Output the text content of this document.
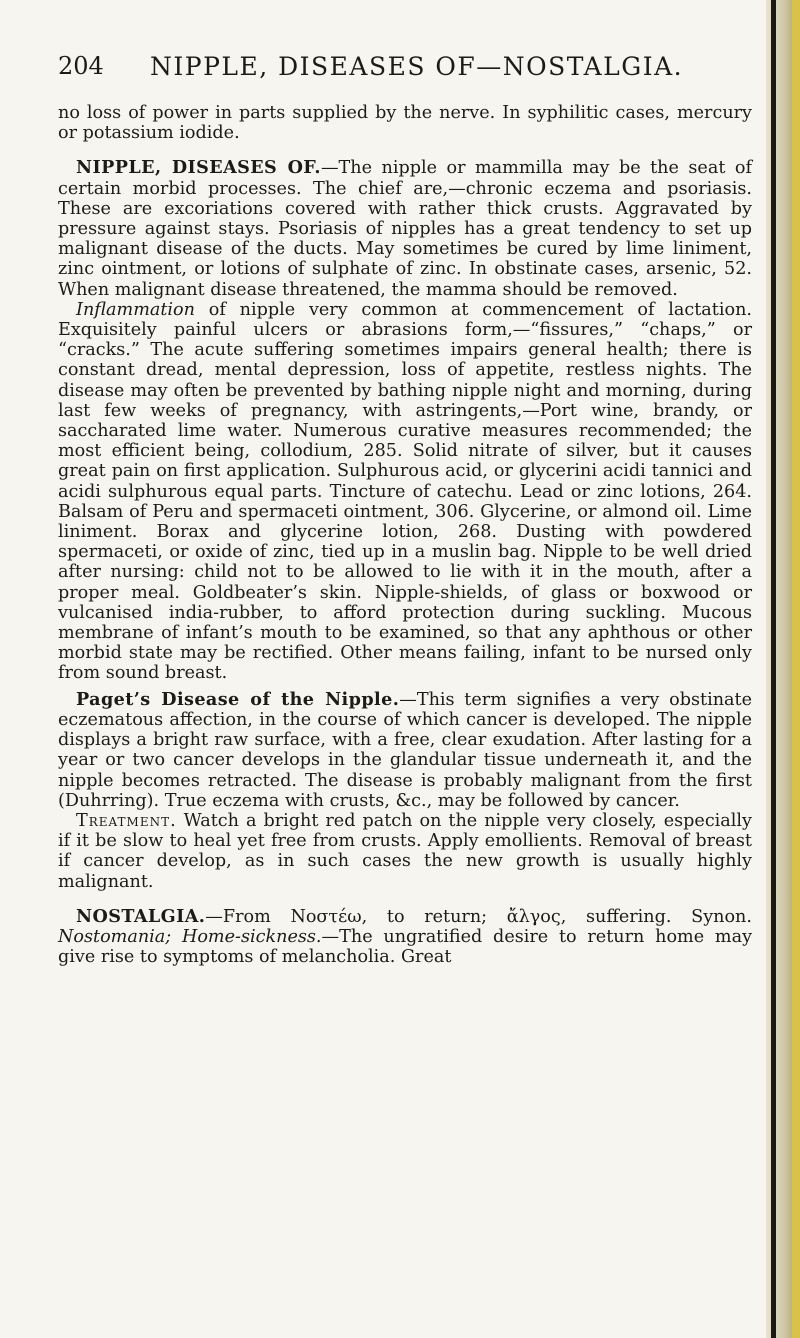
204 NIPPLE, DISEASES OF—NOSTALGIA.

no loss of power in parts supplied by the nerve. In syphilitic cases, mercury or potassium iodide.

NIPPLE, DISEASES OF.—The nipple or mammilla may be the seat of certain morbid processes. The chief are,—chronic eczema and psoriasis. These are excoriations covered with rather thick crusts. Aggravated by pressure against stays. Psoriasis of nipples has a great tendency to set up malignant disease of the ducts. May sometimes be cured by lime liniment, zinc ointment, or lotions of sulphate of zinc. In obstinate cases, arsenic, 52. When malignant disease threatened, the mamma should be removed.

Inflammation of nipple very common at commencement of lactation. Exquisitely painful ulcers or abrasions form,—“fissures,” “chaps,” or “cracks.” The acute suffering sometimes impairs general health; there is constant dread, mental depression, loss of appetite, restless nights. The disease may often be prevented by bathing nipple night and morning, during last few weeks of pregnancy, with astringents,—Port wine, brandy, or saccharated lime water. Numerous curative measures recommended; the most efficient being, collodium, 285. Solid nitrate of silver, but it causes great pain on first application. Sulphurous acid, or glycerini acidi tannici and acidi sulphurous equal parts. Tincture of catechu. Lead or zinc lotions, 264. Balsam of Peru and spermaceti ointment, 306. Glycerine, or almond oil. Lime liniment. Borax and glycerine lotion, 268. Dusting with powdered spermaceti, or oxide of zinc, tied up in a muslin bag. Nipple to be well dried after nursing: child not to be allowed to lie with it in the mouth, after a proper meal. Goldbeater’s skin. Nipple-shields, of glass or boxwood or vulcanised india-rubber, to afford protection during suckling. Mucous membrane of infant’s mouth to be examined, so that any aphthous or other morbid state may be rectified. Other means failing, infant to be nursed only from sound breast.

Paget’s Disease of the Nipple.—This term signifies a very obstinate eczematous affection, in the course of which cancer is developed. The nipple displays a bright raw surface, with a free, clear exudation. After lasting for a year or two cancer develops in the glandular tissue underneath it, and the nipple becomes retracted. The disease is probably malignant from the first (Duhrring). True eczema with crusts, &c., may be followed by cancer.

Treatment. Watch a bright red patch on the nipple very closely, especially if it be slow to heal yet free from crusts. Apply emollients. Removal of breast if cancer develop, as in such cases the new growth is usually highly malignant.

NOSTALGIA.—From Νοστέω, to return; ἄλγος, suffering. Synon. Nostomania; Home-sickness.—The ungratified desire to return home may give rise to symptoms of melancholia. Great
